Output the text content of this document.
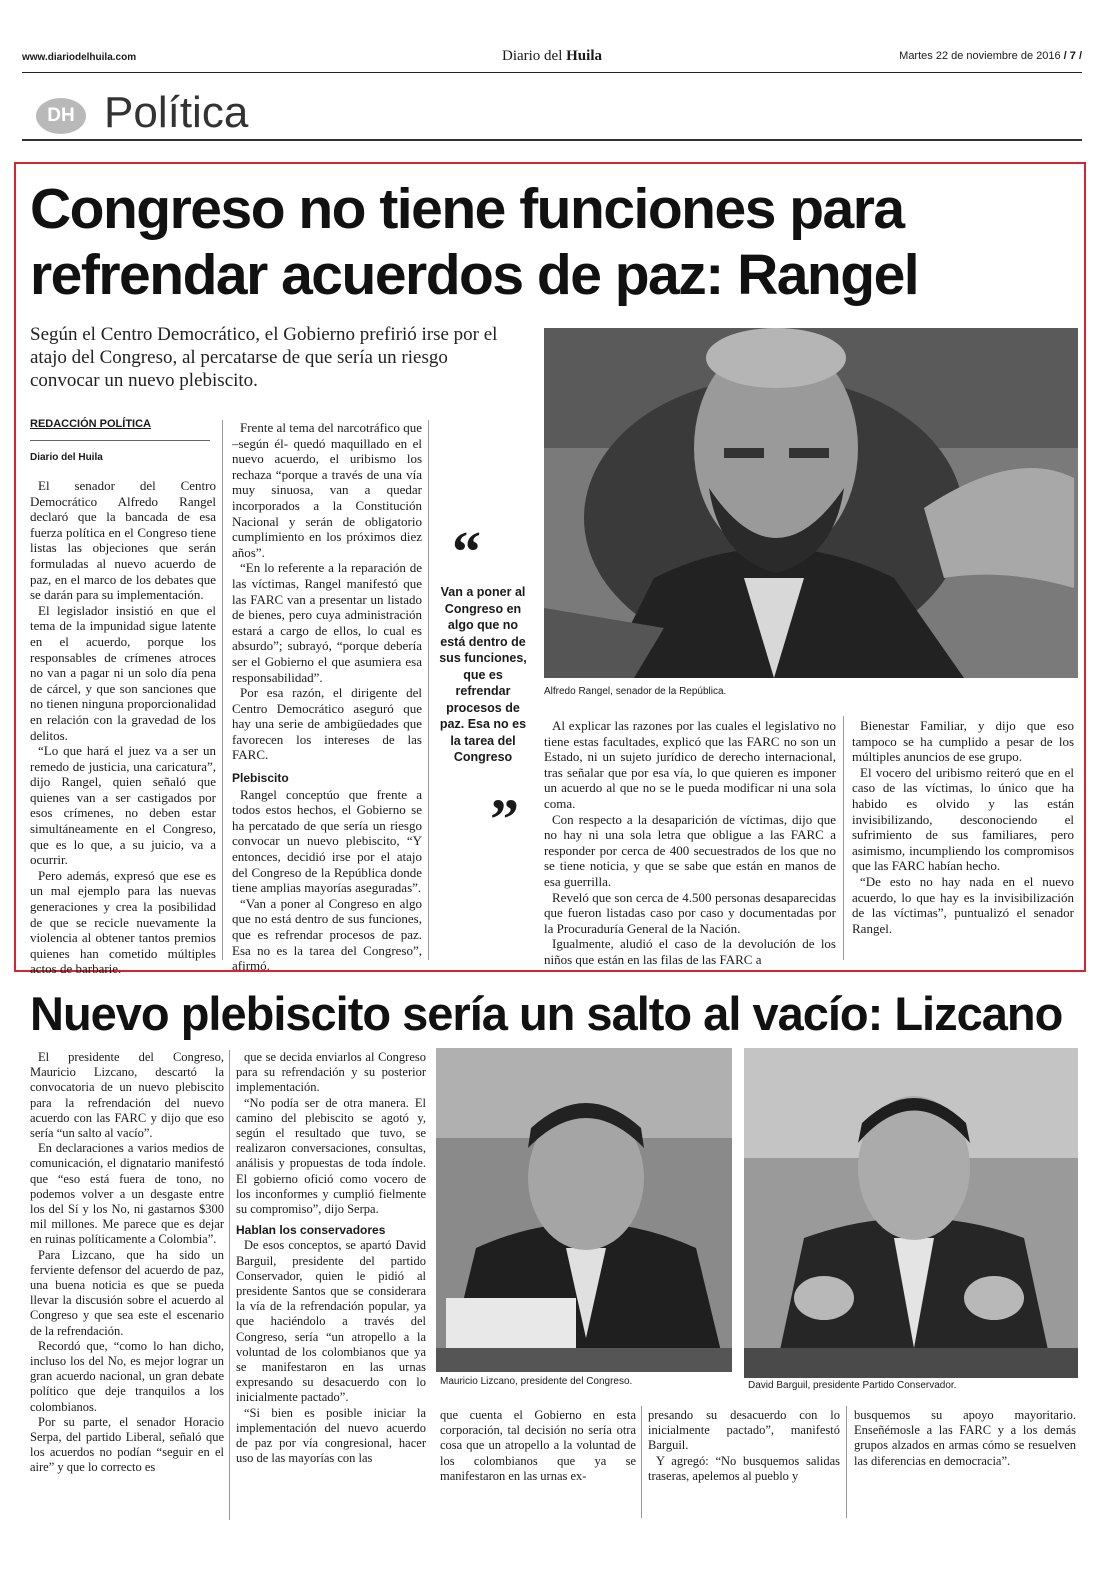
www.diariodelhuila.com	Diario del Huila	Martes 22 de noviembre de 2016 / 7 /
DH Política
Congreso no tiene funciones para refrendar acuerdos de paz: Rangel
Según el Centro Democrático, el Gobierno prefirió irse por el atajo del Congreso, al percatarse de que sería un riesgo convocar un nuevo plebiscito.
REDACCIÓN POLÍTICA
Diario del Huila

El senador del Centro Democrático Alfredo Rangel declaró que la bancada de esa fuerza política en el Congreso tiene listas las objeciones que serán formuladas al nuevo acuerdo de paz, en el marco de los debates que se darán para su implementación.

El legislador insistió en que el tema de la impunidad sigue latente en el acuerdo, porque los responsables de crímenes atroces no van a pagar ni un solo día pena de cárcel, y que son sanciones que no tienen ninguna proporcionalidad en relación con la gravedad de los delitos.

“Lo que hará el juez va a ser un remedo de justicia, una caricatura”, dijo Rangel, quien señaló que quienes van a ser castigados por esos crímenes, no deben estar simultáneamente en el Congreso, que es lo que, a su juicio, va a ocurrir.

Pero además, expresó que ese es un mal ejemplo para las nuevas generaciones y crea la posibilidad de que se recicle nuevamente la violencia al obtener tantos premios quienes han cometido múltiples actos de barbarie.

Frente al tema del narcotráfico que –según él- quedó maquillado en el nuevo acuerdo, el uribismo los rechaza “porque a través de una vía muy sinuosa, van a quedar incorporados a la Constitución Nacional y serán de obligatorio cumplimiento en los próximos diez años”.

“En lo referente a la reparación de las víctimas, Rangel manifestó que las FARC van a presentar un listado de bienes, pero cuya administración estará a cargo de ellos, lo cual es absurdo”; subrayó, “porque debería ser el Gobierno el que asumiera esa responsabilidad”.

Por esa razón, el dirigente del Centro Democrático aseguró que hay una serie de ambigüedades que favorecen los intereses de las FARC.

Plebiscito

Rangel conceptúo que frente a todos estos hechos, el Gobierno se ha percatado de que sería un riesgo convocar un nuevo plebiscito, “Y entonces, decidió irse por el atajo del Congreso de la República donde tiene amplias mayorías aseguradas”.

“Van a poner al Congreso en algo que no está dentro de sus funciones, que es refrendar procesos de paz. Esa no es la tarea del Congreso”, afirmó.

“
Van a poner al Congreso en algo que no está dentro de sus funciones, que es refrendar procesos de paz. Esa no es la tarea del Congreso
”
Alfredo Rangel, senador de la República.

Al explicar las razones por las cuales el legislativo no tiene estas facultades, explicó que las FARC no son un Estado, ni un sujeto jurídico de derecho internacional, tras señalar que por esa vía, lo que quieren es imponer un acuerdo al que no se le pueda modificar ni una sola coma.

Con respecto a la desaparición de víctimas, dijo que no hay ni una sola letra que obligue a las FARC a responder por cerca de 400 secuestrados de los que no se tiene noticia, y que se sabe que están en manos de esa guerrilla.

Reveló que son cerca de 4.500 personas desaparecidas que fueron listadas caso por caso y documentadas por la Procuraduría General de la Nación.

Igualmente, aludió el caso de la devolución de los niños que están en las filas de las FARC a

Bienestar Familiar, y dijo que eso tampoco se ha cumplido a pesar de los múltiples anuncios de ese grupo.

El vocero del uribismo reiteró que en el caso de las víctimas, lo único que ha habido es olvido y las están invisibilizando, desconociendo el sufrimiento de sus familiares, pero asimismo, incumpliendo los compromisos que las FARC habían hecho.

“De esto no hay nada en el nuevo acuerdo, lo que hay es la invisibilización de las víctimas”, puntualizó el senador Rangel.

Nuevo plebiscito sería un salto al vacío: Lizcano

El presidente del Congreso, Mauricio Lizcano, descartó la convocatoria de un nuevo plebiscito para la refrendación del nuevo acuerdo con las FARC y dijo que eso sería “un salto al vacío”.

En declaraciones a varios medios de comunicación, el dignatario manifestó que “eso está fuera de tono, no podemos volver a un desgaste entre los del Sí y los No, ni gastarnos $300 mil millones. Me parece que es dejar en ruinas políticamente a Colombia”.

Para Lizcano, que ha sido un ferviente defensor del acuerdo de paz, una buena noticia es que se pueda llevar la discusión sobre el acuerdo al Congreso y que sea este el escenario de la refrendación.

Recordó que, “como lo han dicho, incluso los del No, es mejor lograr un gran acuerdo nacional, un gran debate político que deje tranquilos a los colombianos.

Por su parte, el senador Horacio Serpa, del partido Liberal, señaló que los acuerdos no podían “seguir en el aire” y que lo correcto es

que se decida enviarlos al Congreso para su refrendación y su posterior implementación.

“No podía ser de otra manera. El camino del plebiscito se agotó y, según el resultado que tuvo, se realizaron conversaciones, consultas, análisis y propuestas de toda índole. El gobierno ofició como vocero de los inconformes y cumplió fielmente su compromiso”, dijo Serpa.

Hablan los conservadores

De esos conceptos, se apartó David Barguil, presidente del partido Conservador, quien le pidió al presidente Santos que se considerara la vía de la refrendación popular, ya que haciéndolo a través del Congreso, sería “un atropello a la voluntad de los colombianos que ya se manifestaron en las urnas expresando su desacuerdo con lo inicialmente pactado”.

“Si bien es posible iniciar la implementación del nuevo acuerdo de paz por vía congresional, hacer uso de las mayorías con las

Mauricio Lizcano, presidente del Congreso.	David Barguil, presidente Partido Conservador.

que cuenta el Gobierno en esta corporación, tal decisión no sería otra cosa que un atropello a la voluntad de los colombianos que ya se manifestaron en las urnas ex-

presando su desacuerdo con lo inicialmente pactado”, manifestó Barguil.

Y agregó: “No busquemos salidas traseras, apelemos al pueblo y

busquemos su apoyo mayoritario. Enseñémosle a las FARC y a los demás grupos alzados en armas cómo se resuelven las diferencias en democracia”.
